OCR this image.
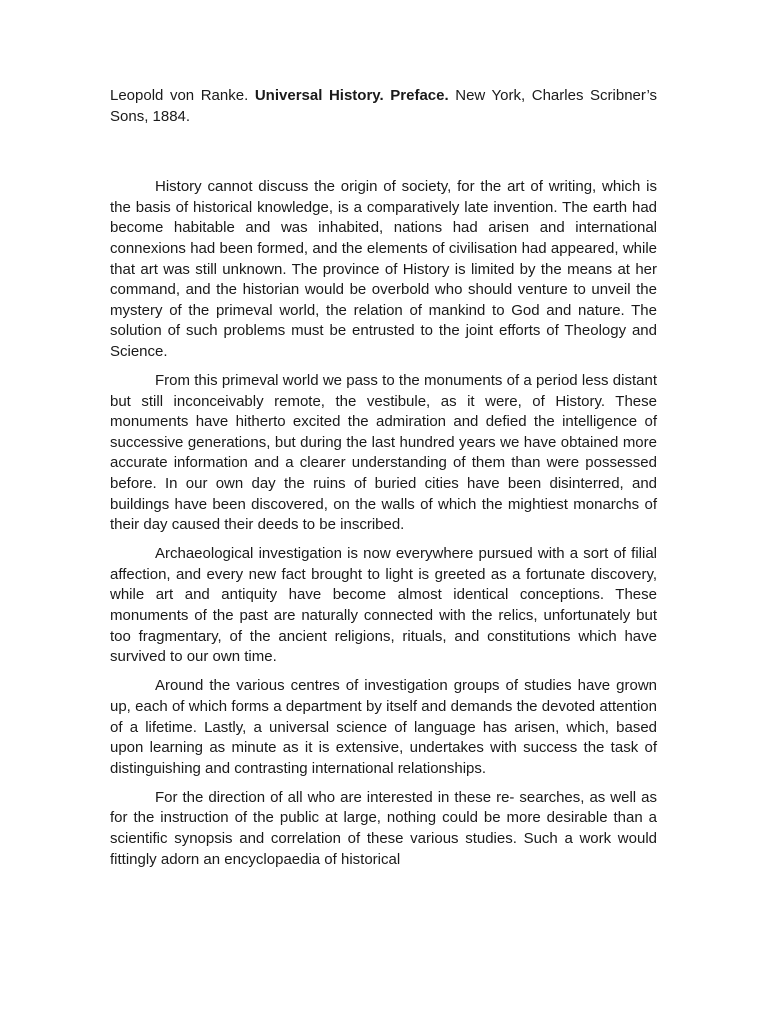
Leopold von Ranke. Universal History. Preface. New York, Charles Scribner’s Sons, 1884.

History cannot discuss the origin of society, for the art of writing, which is the basis of historical knowledge, is a comparatively late invention. The earth had become habitable and was inhabited, nations had arisen and international connexions had been formed, and the elements of civilisation had appeared, while that art was still unknown. The province of History is limited by the means at her command, and the historian would be overbold who should venture to unveil the mystery of the primeval world, the relation of mankind to God and nature. The solution of such problems must be entrusted to the joint efforts of Theology and Science.

From this primeval world we pass to the monuments of a period less distant but still inconceivably remote, the vestibule, as it were, of History. These monuments have hitherto excited the admiration and defied the intelligence of successive generations, but during the last hundred years we have obtained more accurate information and a clearer understanding of them than were possessed before. In our own day the ruins of buried cities have been disinterred, and buildings have been discovered, on the walls of which the mightiest monarchs of their day caused their deeds to be inscribed.

Archaeological investigation is now everywhere pursued with a sort of filial affection, and every new fact brought to light is greeted as a fortunate discovery, while art and antiquity have become almost identical conceptions. These monuments of the past are naturally connected with the relics, unfortunately but too fragmentary, of the ancient religions, rituals, and constitutions which have survived to our own time.

Around the various centres of investigation groups of studies have grown up, each of which forms a department by itself and demands the devoted attention of a lifetime. Lastly, a universal science of language has arisen, which, based upon learning as minute as it is extensive, undertakes with success the task of distinguishing and contrasting international relationships.

For the direction of all who are interested in these re- searches, as well as for the instruction of the public at large, nothing could be more desirable than a scientific synopsis and correlation of these various studies. Such a work would fittingly adorn an encyclopaedia of historical
